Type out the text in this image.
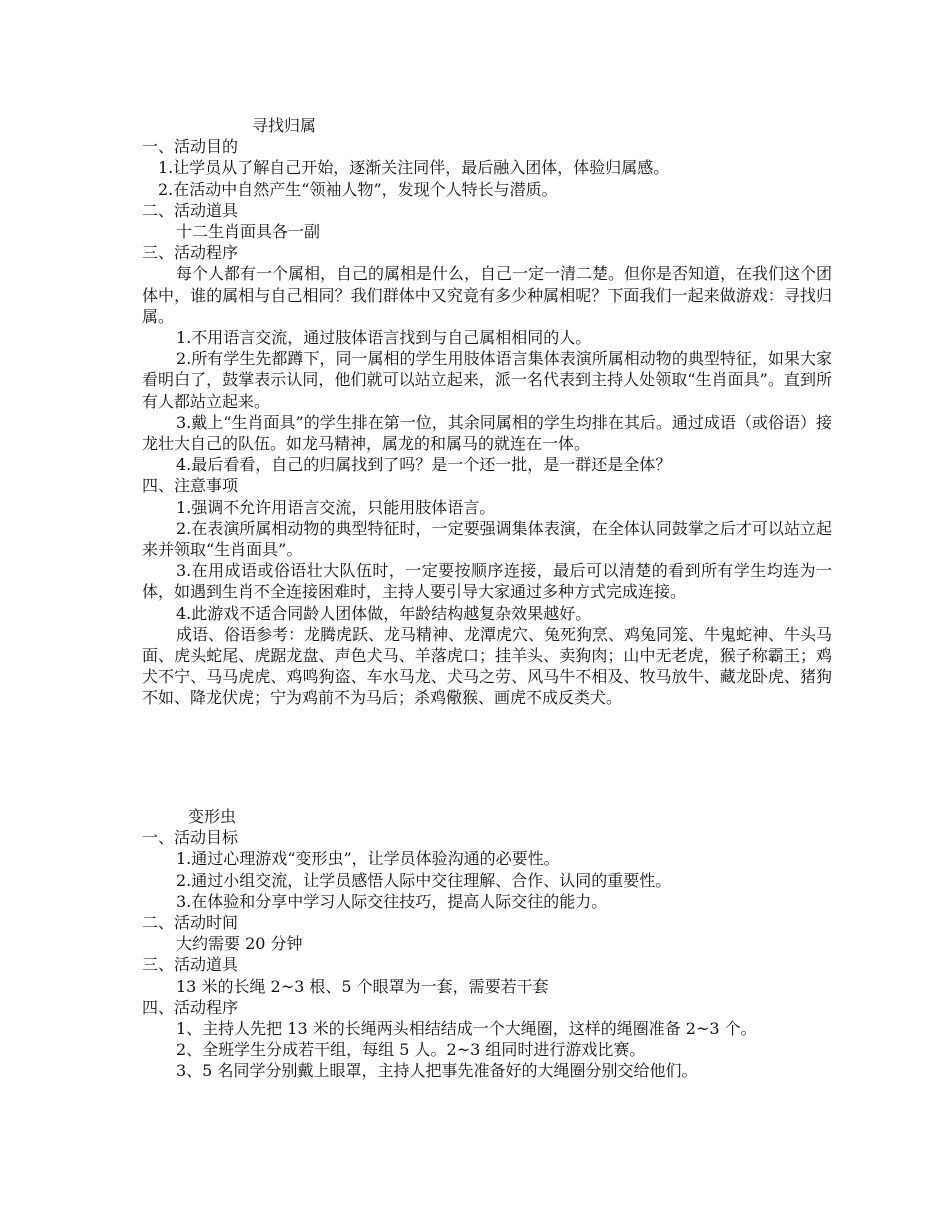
寻找归属
一、活动目的
1.让学员从了解自己开始，逐渐关注同伴，最后融入团体，体验归属感。
2.在活动中自然产生“领袖人物”，发现个人特长与潜质。
二、活动道具
十二生肖面具各一副
三、活动程序

每个人都有一个属相，自己的属相是什么，自己一定一清二楚。但你是否知道，在我们这个团体中，谁的属相与自己相同？我们群体中又究竟有多少种属相呢？下面我们一起来做游戏：寻找归属。

1.不用语言交流，通过肢体语言找到与自己属相相同的人。

2.所有学生先都蹲下，同一属相的学生用肢体语言集体表演所属相动物的典型特征，如果大家看明白了，鼓掌表示认同，他们就可以站立起来，派一名代表到主持人处领取“生肖面具”。直到所有人都站立起来。

3.戴上“生肖面具”的学生排在第一位，其余同属相的学生均排在其后。通过成语（或俗语）接龙壮大自己的队伍。如龙马精神，属龙的和属马的就连在一体。

4.最后看看，自己的归属找到了吗？是一个还一批，是一群还是全体？

四、注意事项

1.强调不允许用语言交流，只能用肢体语言。

2.在表演所属相动物的典型特征时，一定要强调集体表演，在全体认同鼓掌之后才可以站立起来并领取“生肖面具”。

3.在用成语或俗语壮大队伍时，一定要按顺序连接，最后可以清楚的看到所有学生均连为一体，如遇到生肖不全连接困难时，主持人要引导大家通过多种方式完成连接。

4.此游戏不适合同龄人团体做，年龄结构越复杂效果越好。

成语、俗语参考：龙腾虎跃、龙马精神、龙潭虎穴、兔死狗烹、鸡兔同笼、牛鬼蛇神、牛头马面、虎头蛇尾、虎踞龙盘、声色犬马、羊落虎口；挂羊头、卖狗肉；山中无老虎，猴子称霸王；鸡犬不宁、马马虎虎、鸡鸣狗盗、车水马龙、犬马之劳、风马牛不相及、牧马放牛、藏龙卧虎、猪狗不如、降龙伏虎；宁为鸡前不为马后；杀鸡儆猴、画虎不成反类犬。

变形虫
一、活动目标
1.通过心理游戏“变形虫”，让学员体验沟通的必要性。
2.通过小组交流，让学员感悟人际中交往理解、合作、认同的重要性。
3.在体验和分享中学习人际交往技巧，提高人际交往的能力。
二、活动时间
大约需要 20 分钟
三、活动道具
13 米的长绳 2~3 根、5 个眼罩为一套，需要若干套
四、活动程序
1、主持人先把 13 米的长绳两头相结结成一个大绳圈，这样的绳圈准备 2~3 个。
2、全班学生分成若干组，每组 5 人。2~3 组同时进行游戏比赛。
3、5 名同学分别戴上眼罩，主持人把事先准备好的大绳圈分别交给他们。
